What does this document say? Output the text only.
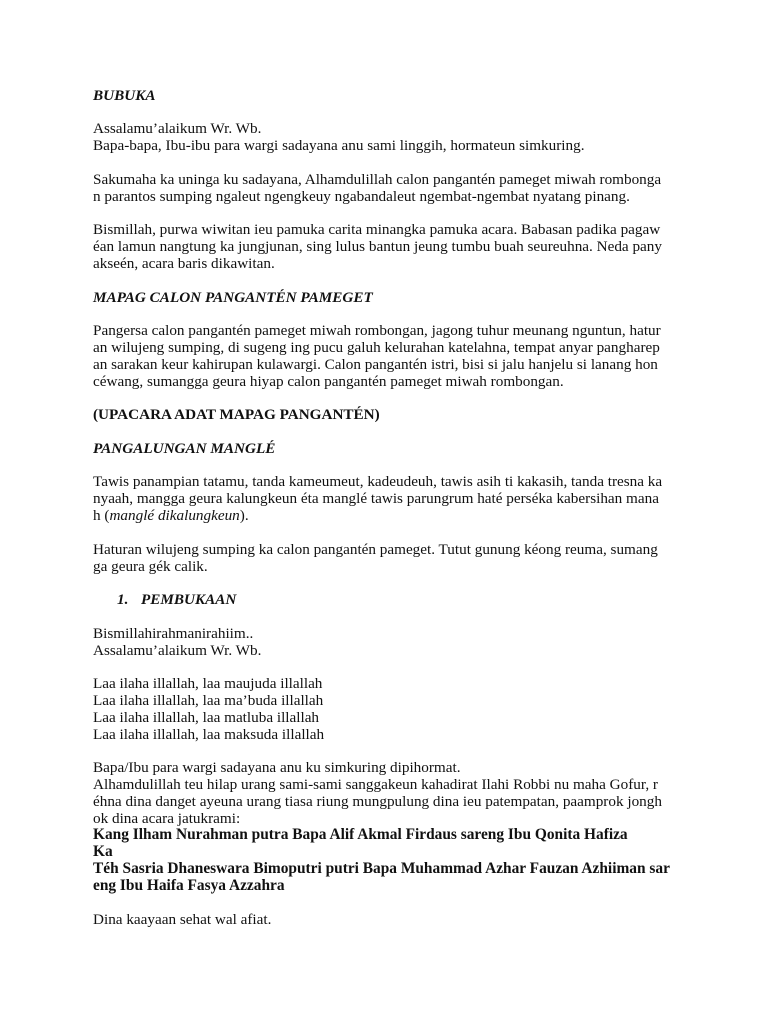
BUBUKA
Assalamu’alaikum Wr. Wb.
Bapa-bapa, Ibu-ibu para wargi sadayana anu sami linggih, hormateun simkuring.
Sakumaha ka uninga ku sadayana, Alhamdulillah calon pangantén pameget miwah rombonga
n parantos sumping ngaleut ngengkeuy ngabandaleut ngembat-ngembat nyatang pinang.
Bismillah, purwa wiwitan ieu pamuka carita minangka pamuka acara. Babasan padika pagaw
éan lamun nangtung ka jungjunan, sing lulus bantun jeung tumbu buah seureuhna. Neda pany
akseén, acara baris dikawitan.
MAPAG CALON PANGANTÉN PAMEGET
Pangersa calon pangantén pameget miwah rombongan, jagong tuhur meunang nguntun, hatur
an wilujeng sumping, di sugeng ing pucu galuh kelurahan katelahna, tempat anyar pangharep
an sarakan keur kahirupan kulawargi. Calon pangantén istri, bisi si jalu hanjelu si lanang hon
céwang, sumangga geura hiyap calon pangantén pameget miwah rombongan.
(UPACARA ADAT MAPAG PANGANTÉN)
PANGALUNGAN MANGLÉ
Tawis panampian tatamu, tanda kameumeut, kadeudeuh, tawis asih ti kakasih, tanda tresna ka
nyaah, mangga geura kalungkeun éta manglé tawis parungrum haté perséka kabersihan mana
h (manglé dikalungkeun).
Haturan wilujeng sumping ka calon pangantén pameget. Tutut gunung kéong reuma, sumang
ga geura gék calik.
1. PEMBUKAAN
Bismillahirahmanirahiim..
Assalamu’alaikum Wr. Wb.
Laa ilaha illallah, laa maujuda illallah
Laa ilaha illallah, laa ma’buda illallah
Laa ilaha illallah, laa matluba illallah
Laa ilaha illallah, laa maksuda illallah
Bapa/Ibu para wargi sadayana anu ku simkuring dipihormat.
Alhamdulillah teu hilap urang sami-sami sanggakeun kahadirat Ilahi Robbi nu maha Gofur, r
éhna dina danget ayeuna urang tiasa riung mungpulung dina ieu patempatan, paamprok jongh
ok dina acara jatukrami:
Kang Ilham Nurahman putra Bapa Alif Akmal Firdaus sareng Ibu Qonita Hafiza
Ka
Téh Sasria Dhaneswara Bimoputri putri Bapa Muhammad Azhar Fauzan Azhiiman sar
eng Ibu Haifa Fasya Azzahra
Dina kaayaan sehat wal afiat.
